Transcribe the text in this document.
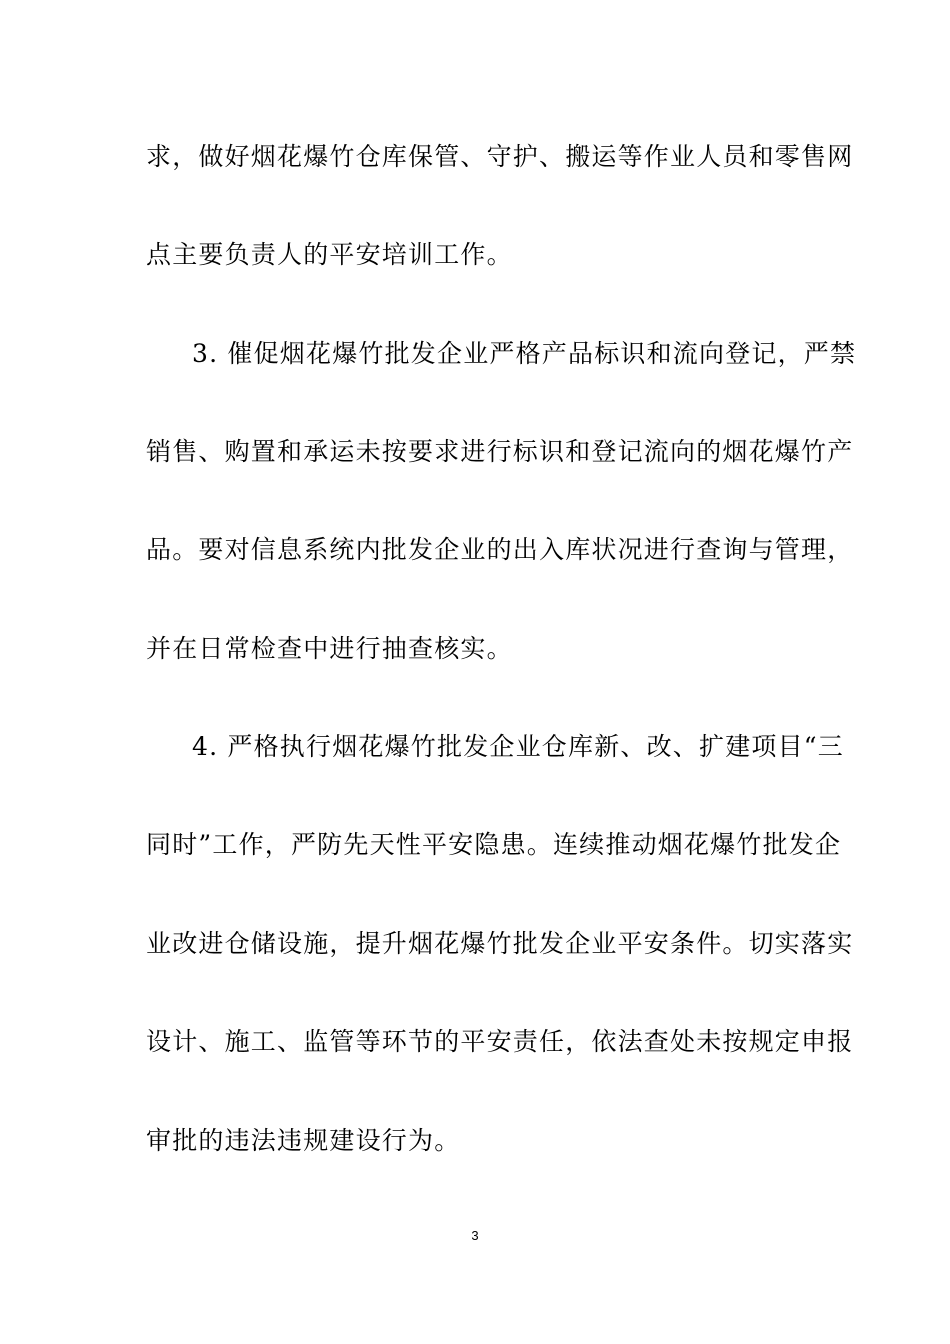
求，做好烟花爆竹仓库保管、守护、搬运等作业人员和零售网
点主要负责人的平安培训工作。
3. 催促烟花爆竹批发企业严格产品标识和流向登记，严禁
销售、购置和承运未按要求进行标识和登记流向的烟花爆竹产
品。要对信息系统内批发企业的出入库状况进行查询与管理，
并在日常检查中进行抽查核实。
4. 严格执行烟花爆竹批发企业仓库新、改、扩建项目“三
同时”工作，严防先天性平安隐患。连续推动烟花爆竹批发企
业改进仓储设施，提升烟花爆竹批发企业平安条件。切实落实
设计、施工、监管等环节的平安责任，依法查处未按规定申报
审批的违法违规建设行为。
3
